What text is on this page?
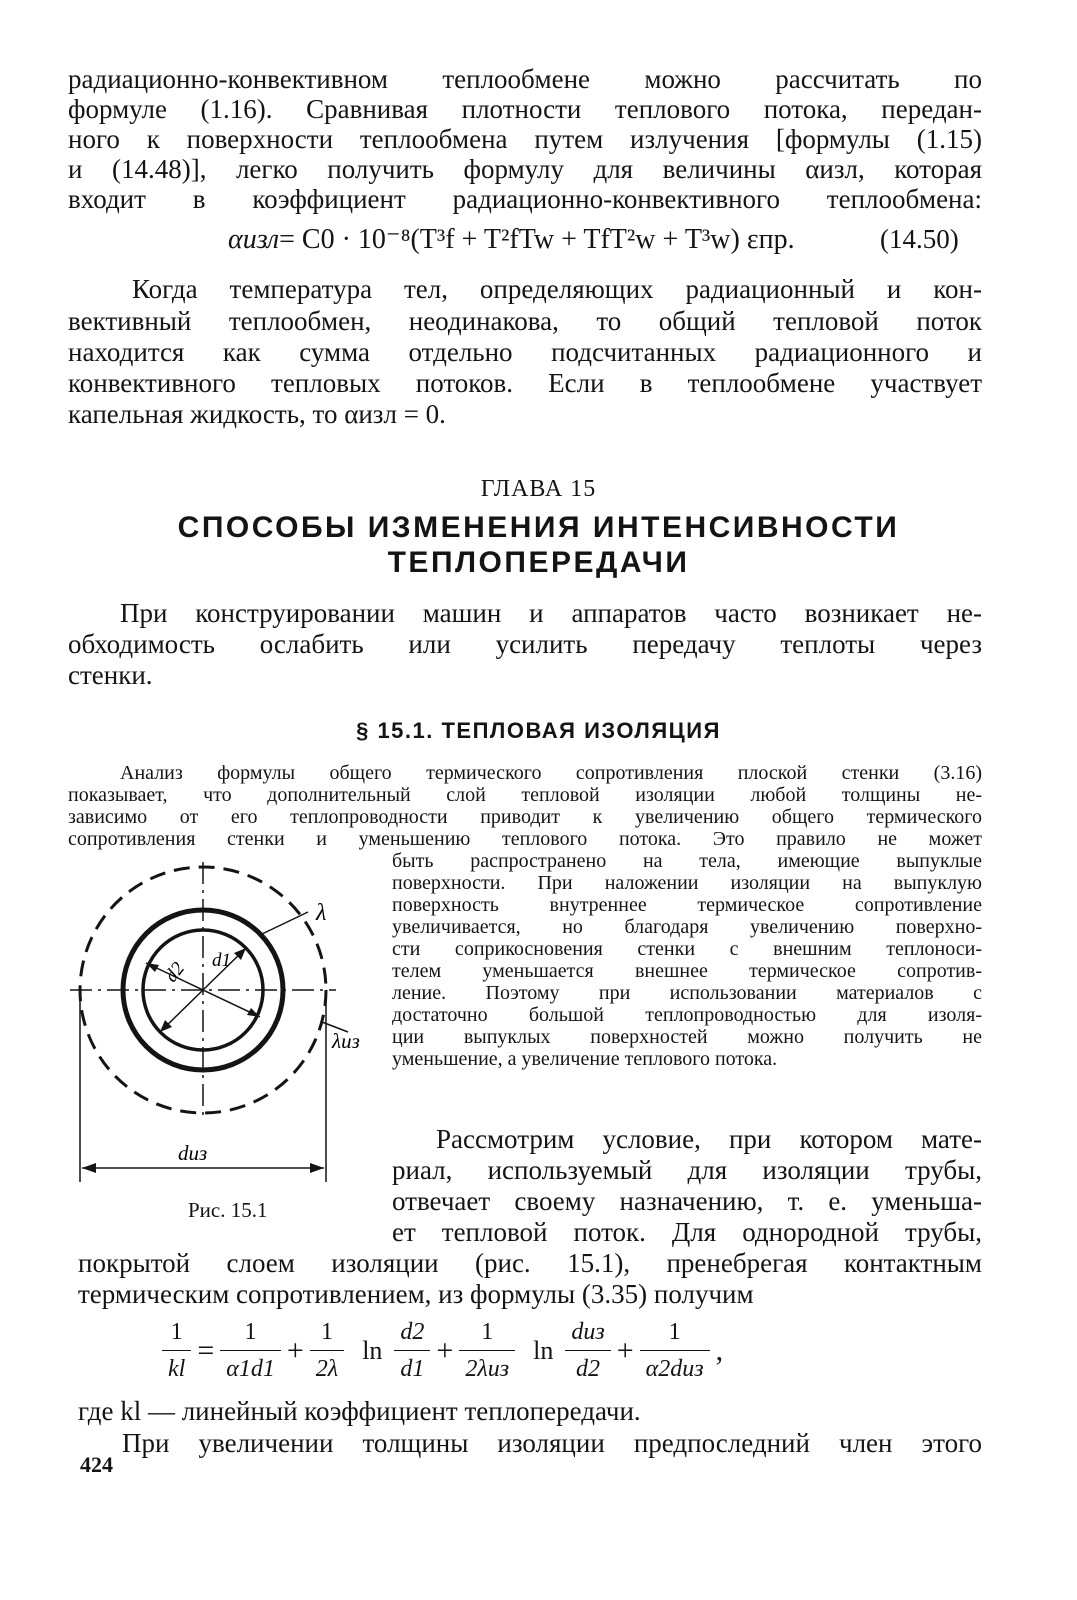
радиационно-конвективном теплообмене можно рассчитать по
формуле (1.16). Сравнивая плотности теплового потока, передан-
ного к поверхности теплообмена путем излучения [формулы (1.15)
и (14.48)], легко получить формулу для величины αизл, которая
входит в коэффициент радиационно-конвективного теплообмена:
αизл= C0 · 10⁻⁸(T³f + T²fTw + TfT²w + T³w) εпр.	(14.50)
Когда температура тел, определяющих радиационный и кон-
вективный теплообмен, неодинакова, то общий тепловой поток
находится как сумма отдельно подсчитанных радиационного и
конвективного тепловых потоков. Если в теплообмене участвует
капельная жидкость, то αизл = 0.
ГЛАВА 15
СПОСОБЫ ИЗМЕНЕНИЯ ИНТЕНСИВНОСТИ
ТЕПЛОПЕРЕДАЧИ
При конструировании машин и аппаратов часто возникает не-
обходимость ослабить или усилить передачу теплоты через
стенки.
§ 15.1. ТЕПЛОВАЯ ИЗОЛЯЦИЯ
Анализ формулы общего термического сопротивления плоской стенки (3.16)
показывает, что дополнительный слой тепловой изоляции любой толщины не-
зависимо от его теплопроводности приводит к увеличению общего термического
сопротивления стенки и уменьшению теплового потока. Это правило не может
быть распространено на тела, имеющие выпуклые
поверхности. При наложении изоляции на выпуклую
поверхность внутреннее термическое сопротивление
увеличивается, но благодаря увеличению поверхно-
сти соприкосновения стенки с внешним теплоноси-
телем уменьшается внешнее термическое сопротив-
ление. Поэтому при использовании материалов с
достаточно большой теплопроводностью для изоля-
ции выпуклых поверхностей можно получить не
уменьшение, а увеличение теплового потока.
λ
λиз
d2 d1
dиз
Рис. 15.1
Рассмотрим условие, при котором мате-
риал, используемый для изоляции трубы,
отвечает своему назначению, т. е. уменьша-
ет тепловой поток. Для однородной трубы,
покрытой слоем изоляции (рис. 15.1), пренебрегая контактным
термическим сопротивлением, из формулы (3.35) получим
$\frac{1}{kl} = \frac{1}{\alpha 1d1} + \frac{1}{2\lambda}$ $\ln \frac{d2}{d1} + \frac{1}{\text{2λиз}}$ $\ln \frac{\text{dиз}}{d2} + \frac{1}{\text{α2dиз}}$ ,
где kl — линейный коэффициент теплопередачи.
При увеличении толщины изоляции предпоследний член этого
424
